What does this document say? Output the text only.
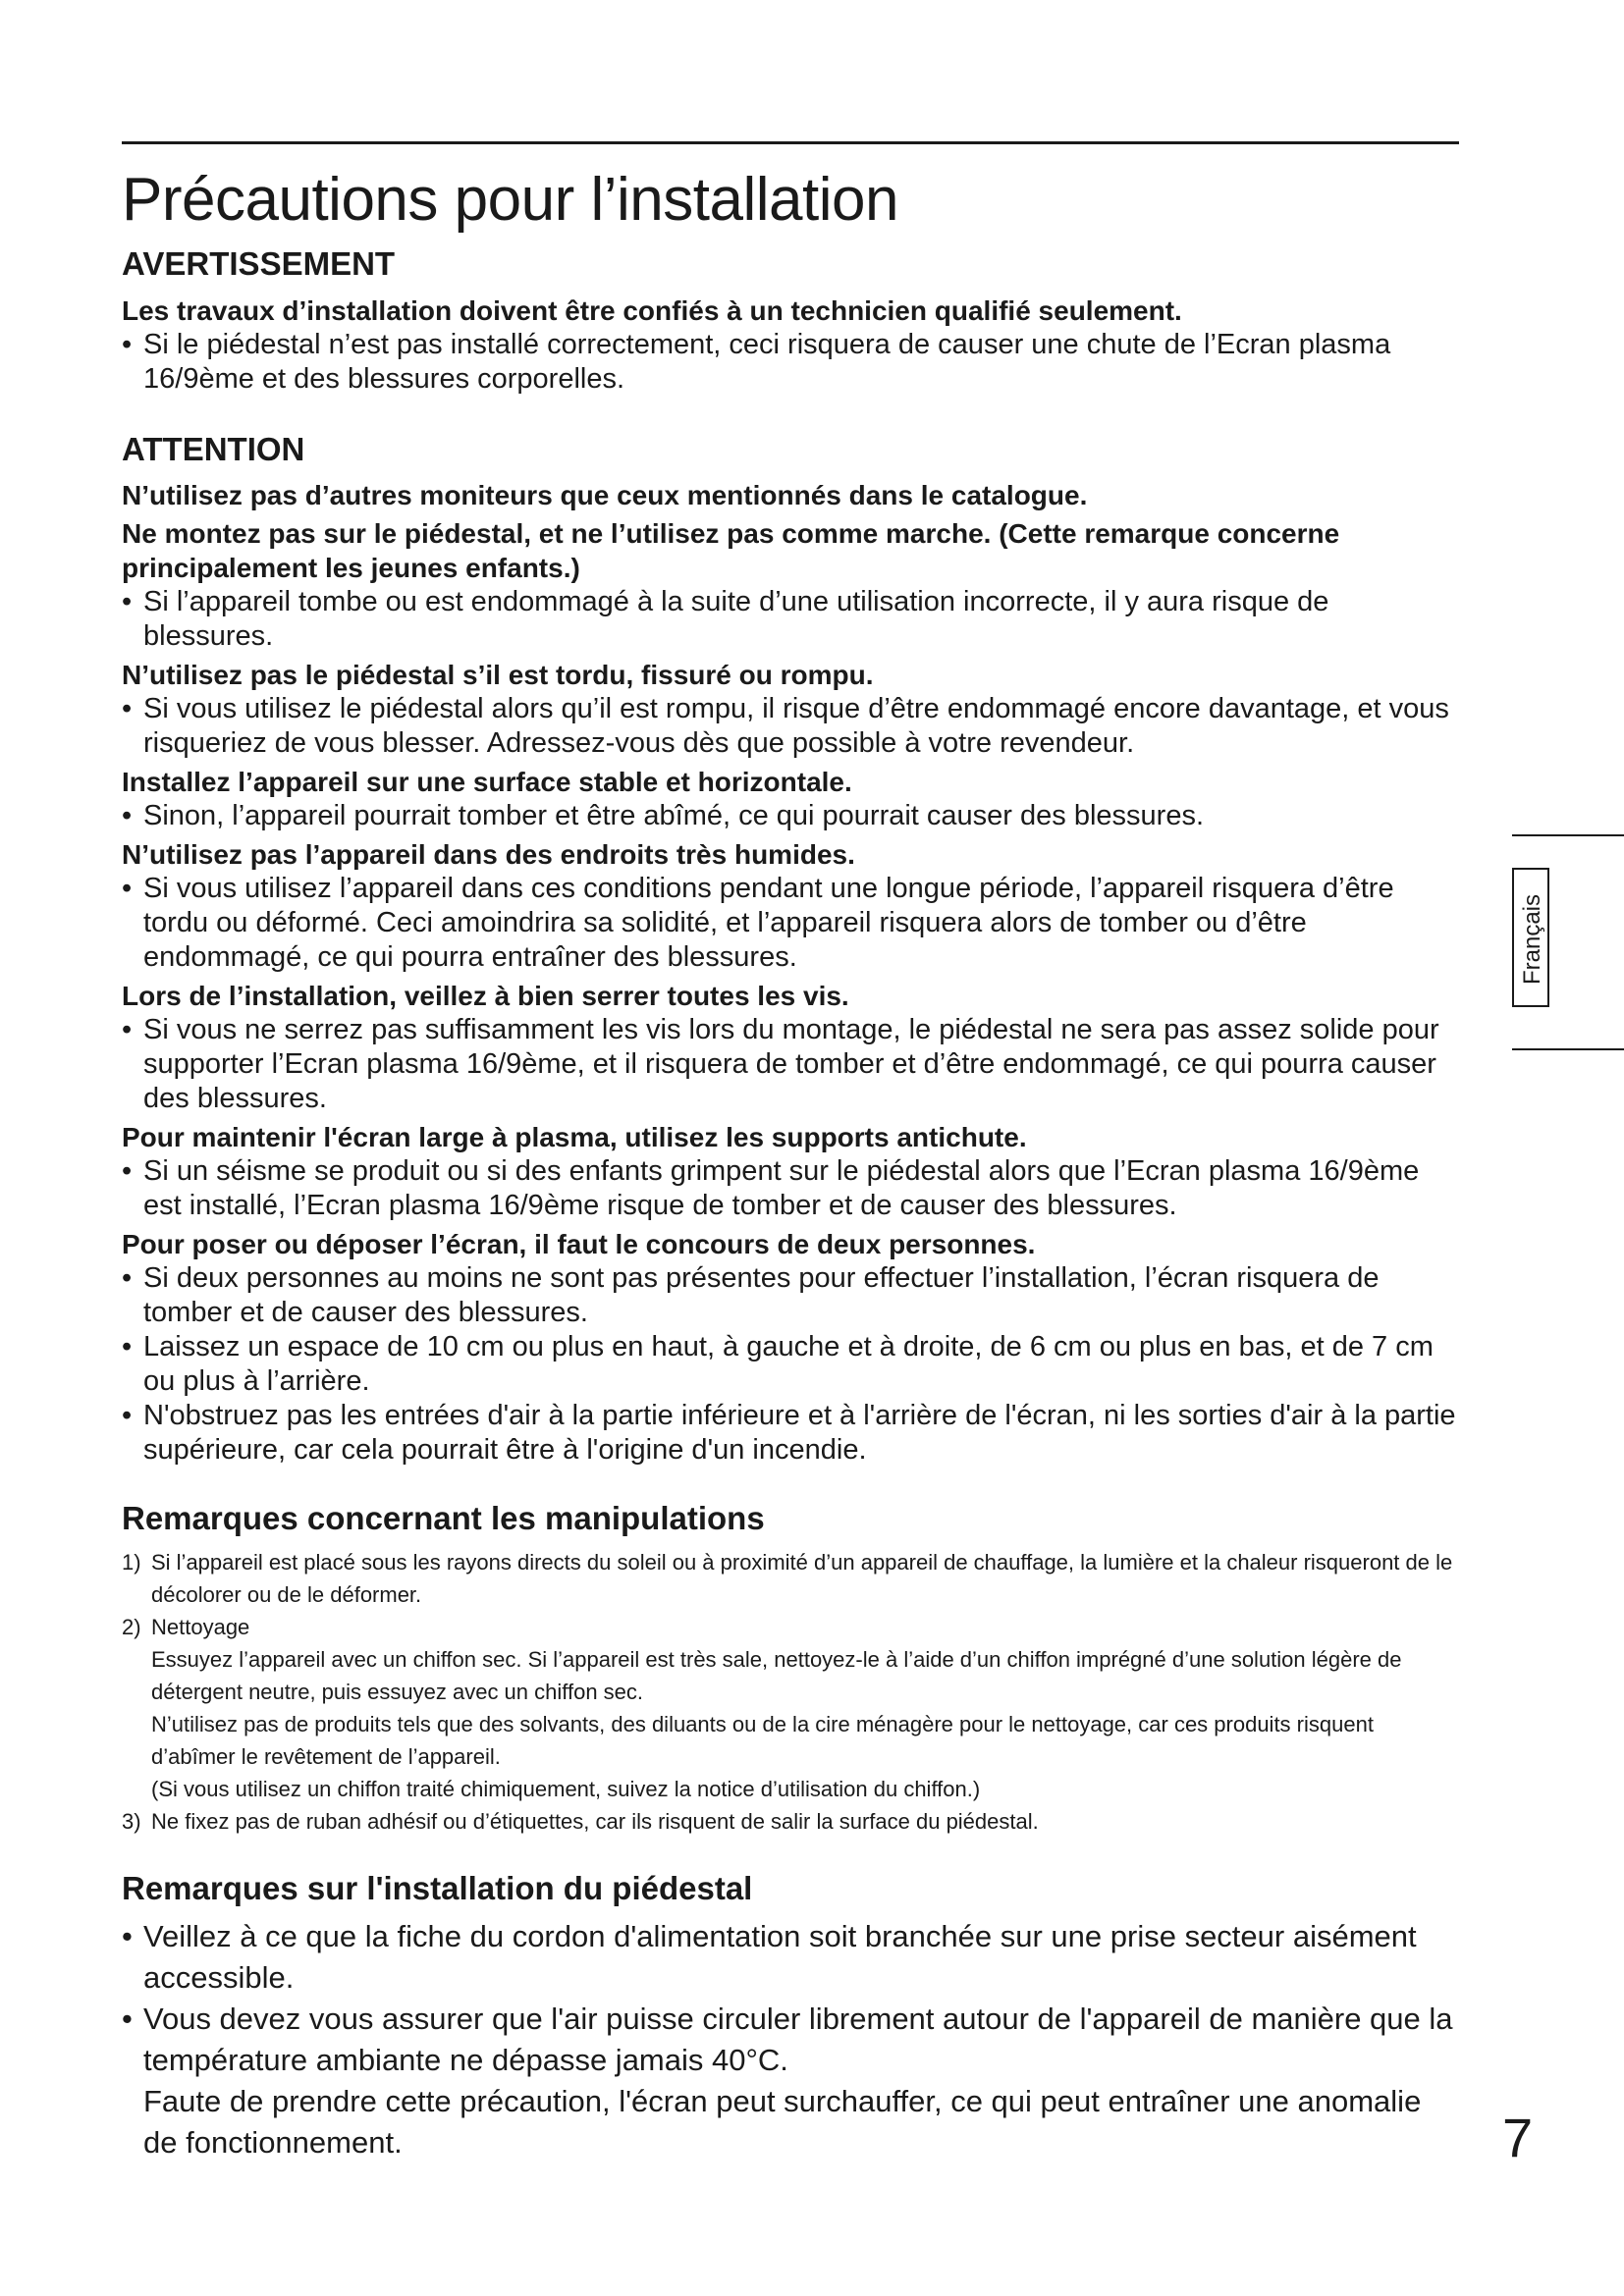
Précautions pour l’installation
AVERTISSEMENT

Les travaux d’installation doivent être confiés à un technicien qualifié seulement.

• Si le piédestal n’est pas installé correctement, ceci risquera de causer une chute de l’Ecran plasma 16/9ème et des blessures corporelles.

ATTENTION

N’utilisez pas d’autres moniteurs que ceux mentionnés dans le catalogue.

Ne montez pas sur le piédestal, et ne l’utilisez pas comme marche. (Cette remarque concerne principalement les jeunes enfants.)

• Si l’appareil tombe ou est endommagé à la suite d’une utilisation incorrecte, il y aura risque de blessures.

N’utilisez pas le piédestal s’il est tordu, fissuré ou rompu.

• Si vous utilisez le piédestal alors qu’il est rompu, il risque d’être endommagé encore davantage, et vous risqueriez de vous blesser. Adressez-vous dès que possible à votre revendeur.

Installez l’appareil sur une surface stable et horizontale.

• Sinon, l’appareil pourrait tomber et être abîmé, ce qui pourrait causer des blessures.

N’utilisez pas l’appareil dans des endroits très humides.

• Si vous utilisez l’appareil dans ces conditions pendant une longue période, l’appareil risquera d’être tordu ou déformé. Ceci amoindrira sa solidité, et l’appareil risquera alors de tomber ou d’être endommagé, ce qui pourra entraîner des blessures.

Lors de l’installation, veillez à bien serrer toutes les vis.

• Si vous ne serrez pas suffisamment les vis lors du montage, le piédestal ne sera pas assez solide pour supporter l’Ecran plasma 16/9ème, et il risquera de tomber et d’être endommagé, ce qui pourra causer des blessures.

Pour maintenir l'écran large à plasma, utilisez les supports antichute.

• Si un séisme se produit ou si des enfants grimpent sur le piédestal alors que l’Ecran plasma 16/9ème est installé, l’Ecran plasma 16/9ème risque de tomber et de causer des blessures.

Pour poser ou déposer l’écran, il faut le concours de deux personnes.

• Si deux personnes au moins ne sont pas présentes pour effectuer l’installation, l’écran risquera de tomber et de causer des blessures.

• Laissez un espace de 10 cm ou plus en haut, à gauche et à droite, de 6 cm ou plus en bas, et de 7 cm ou plus à l’arrière.

• N'obstruez pas les entrées d'air à la partie inférieure et à l'arrière de l'écran, ni les sorties d'air à la partie supérieure, car cela pourrait être à l'origine d'un incendie.

Remarques concernant les manipulations

1) Si l’appareil est placé sous les rayons directs du soleil ou à proximité d’un appareil de chauffage, la lumière et la chaleur risqueront de le décolorer ou de le déformer.

2) Nettoyage

Essuyez l’appareil avec un chiffon sec. Si l’appareil est très sale, nettoyez-le à l’aide d’un chiffon imprégné d’une solution légère de détergent neutre, puis essuyez avec un chiffon sec.

N’utilisez pas de produits tels que des solvants, des diluants ou de la cire ménagère pour le nettoyage, car ces produits risquent d’abîmer le revêtement de l’appareil.

(Si vous utilisez un chiffon traité chimiquement, suivez la notice d’utilisation du chiffon.)

3) Ne fixez pas de ruban adhésif ou d’étiquettes, car ils risquent de salir la surface du piédestal.

Remarques sur l'installation du piédestal

• Veillez à ce que la fiche du cordon d'alimentation soit branchée sur une prise secteur aisément accessible.

• Vous devez vous assurer que l'air puisse circuler librement autour de l'appareil de manière que la température ambiante ne dépasse jamais 40°C.

Faute de prendre cette précaution, l'écran peut surchauffer, ce qui peut entraîner une anomalie de fonctionnement.

Français
7
